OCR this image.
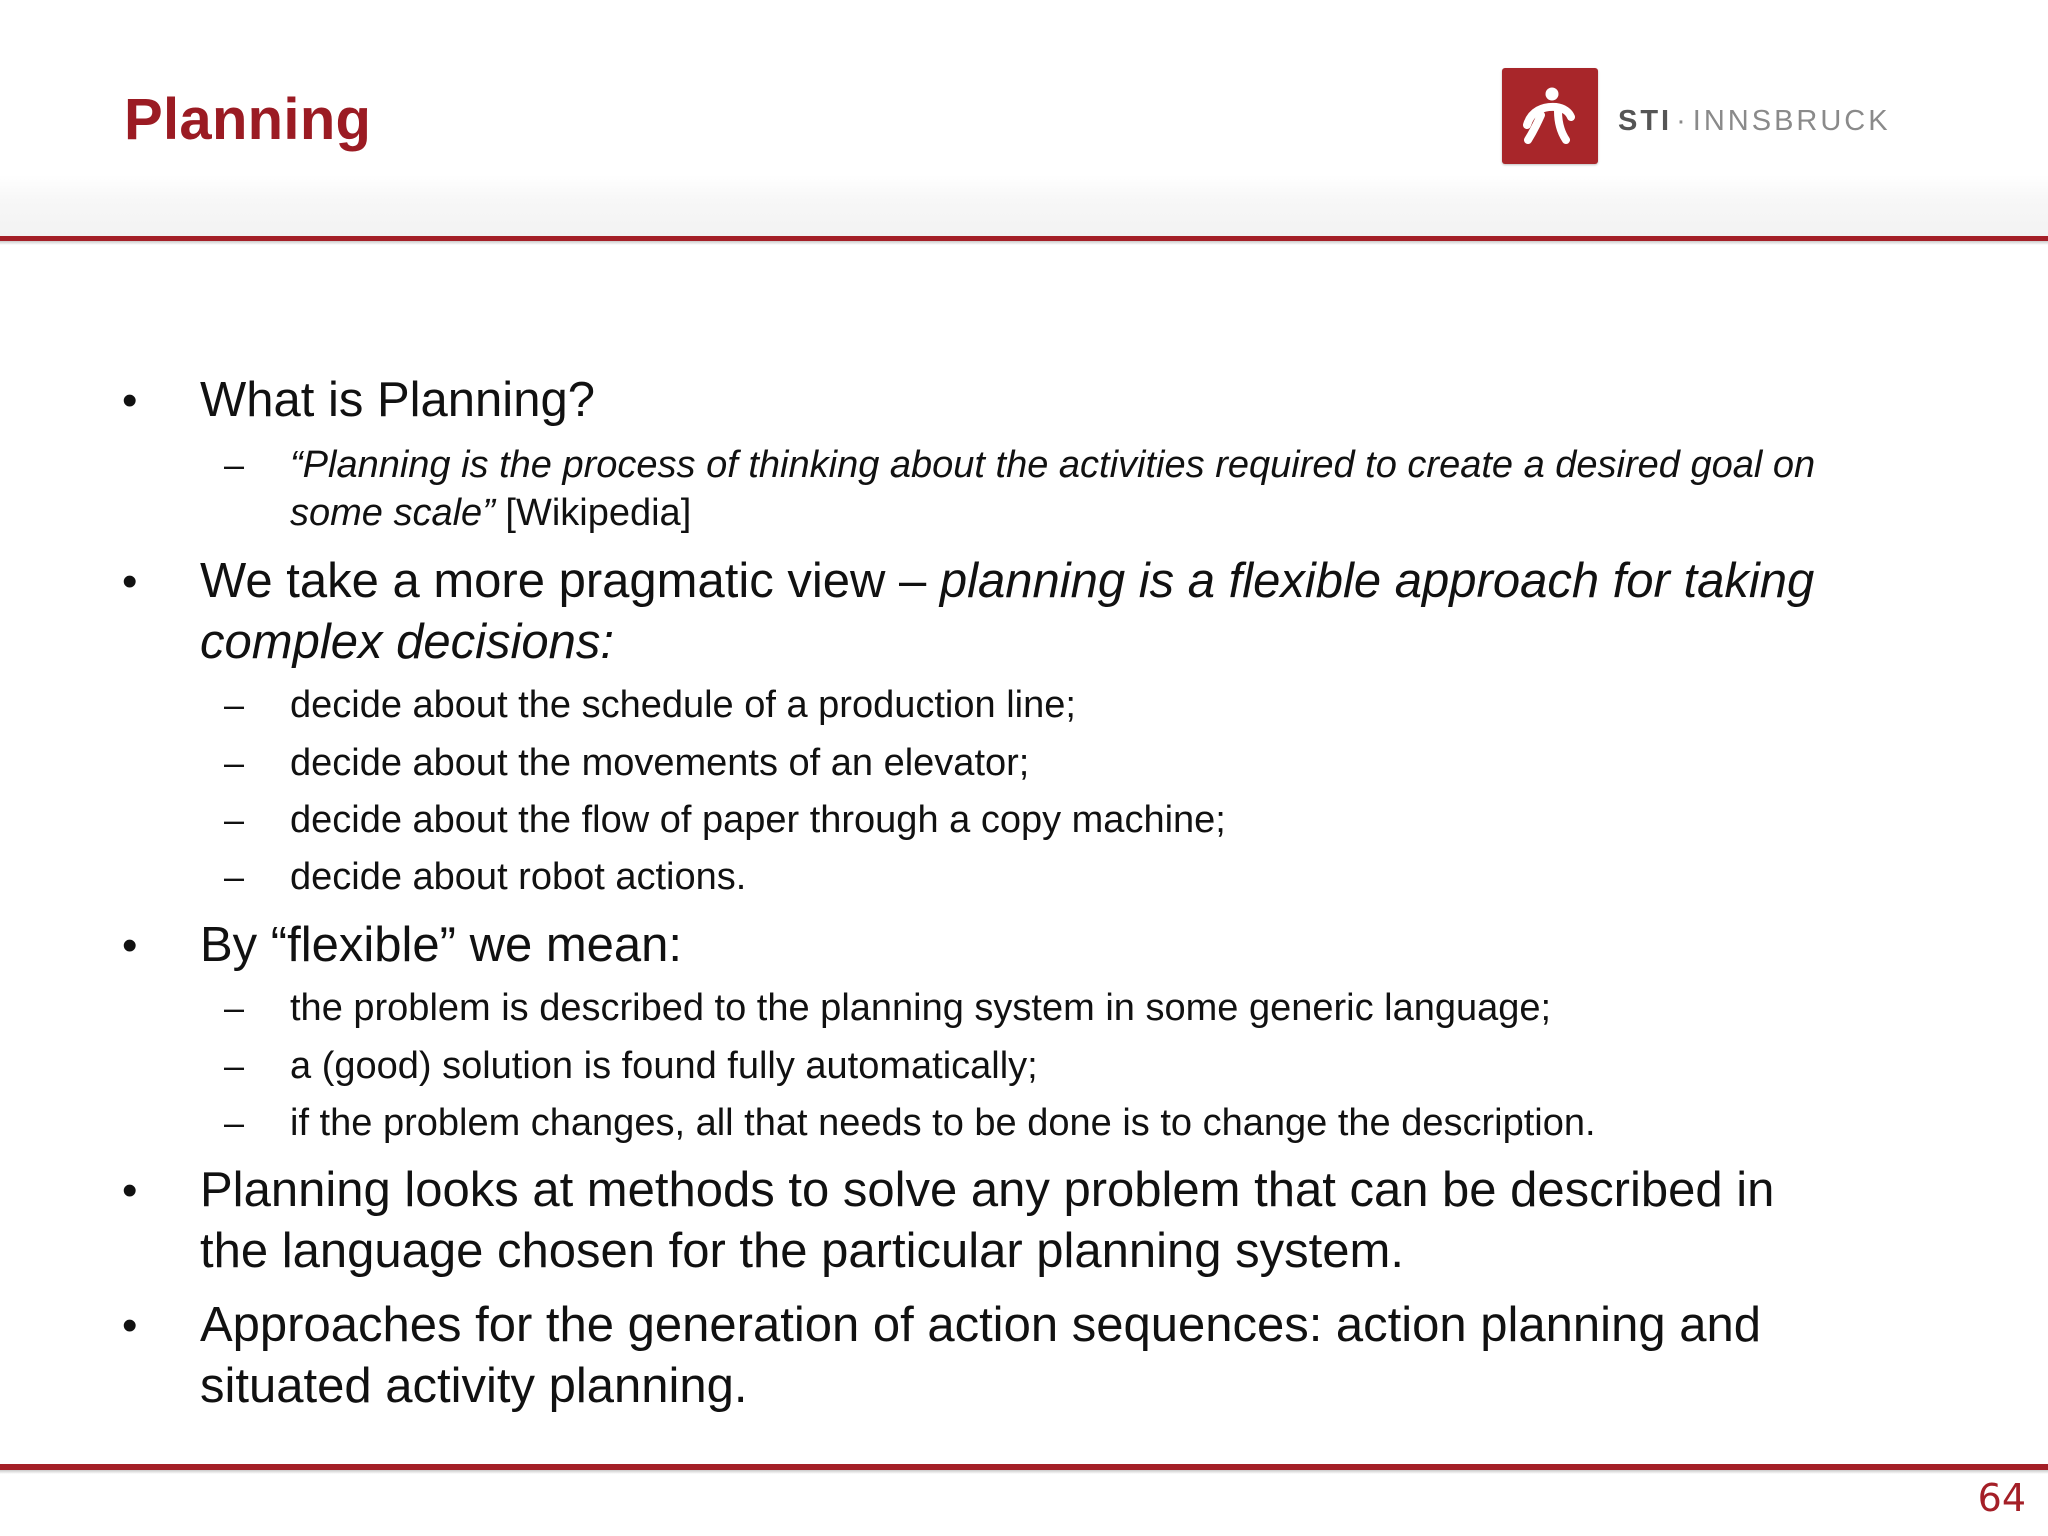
Planning	STI · INNSBRUCK
• What is Planning?
– “Planning is the process of thinking about the activities required to create a desired goal on
some scale” [Wikipedia]
• We take a more pragmatic view – planning is a flexible approach for taking
complex decisions:
– decide about the schedule of a production line;
– decide about the movements of an elevator;
– decide about the flow of paper through a copy machine;
– decide about robot actions.
• By “flexible” we mean:
– the problem is described to the planning system in some generic language;
– a (good) solution is found fully automatically;
– if the problem changes, all that needs to be done is to change the description.
• Planning looks at methods to solve any problem that can be described in
the language chosen for the particular planning system.
• Approaches for the generation of action sequences: action planning and
situated activity planning.
64
